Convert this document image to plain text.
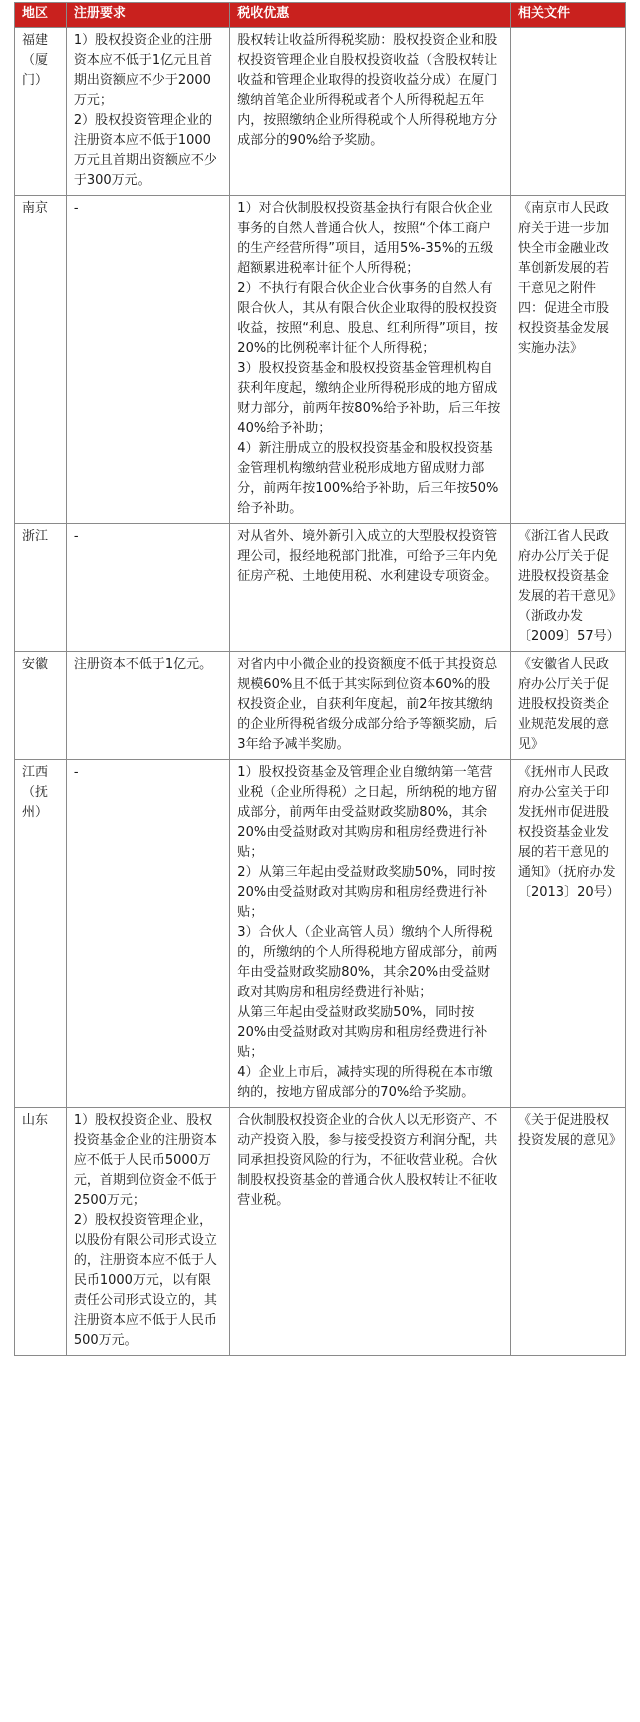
地区	注册要求	税收优惠	相关文件
福建（厦门）	1）股权投资企业的注册资本应不低于1亿元且首期出资额应不少于2000万元；

2）股权投资管理企业的注册资本应不低于1000万元且首期出资额应不少于300万元。	股权转让收益所得税奖励：股权投资企业和股权投资管理企业自股权投资收益（含股权转让收益和管理企业取得的投资收益分成）在厦门缴纳首笔企业所得税或者个人所得税起五年内，按照缴纳企业所得税或个人所得税地方分成部分的90%给予奖励。	

南京	-	1）对合伙制股权投资基金执行有限合伙企业事务的自然人普通合伙人，按照“个体工商户的生产经营所得”项目，适用5%-35%的五级超额累进税率计征个人所得税；

2）不执行有限合伙企业合伙事务的自然人有限合伙人，其从有限合伙企业取得的股权投资收益，按照“利息、股息、红利所得”项目，按20%的比例税率计征个人所得税；

3）股权投资基金和股权投资基金管理机构自获利年度起，缴纳企业所得税形成的地方留成财力部分，前两年按80%给予补助，后三年按40%给予补助；

4）新注册成立的股权投资基金和股权投资基金管理机构缴纳营业税形成地方留成财力部分，前两年按100%给予补助，后三年按50%给予补助。	《南京市人民政府关于进一步加快全市金融业改革创新发展的若干意见之附件四：促进全市股权投资基金发展实施办法》

浙江	-	对从省外、境外新引入成立的大型股权投资管理公司，报经地税部门批准，可给予三年内免征房产税、土地使用税、水利建设专项资金。	《浙江省人民政府办公厅关于促进股权投资基金发展的若干意见》（浙政办发〔2009〕57号）

安徽	注册资本不低于1亿元。	对省内中小微企业的投资额度不低于其投资总规模60%且不低于其实际到位资本60%的股权投资企业，自获利年度起，前2年按其缴纳的企业所得税省级分成部分给予等额奖励，后3年给予减半奖励。	《安徽省人民政府办公厅关于促进股权投资类企业规范发展的意见》

江西（抚州）	-	1）股权投资基金及管理企业自缴纳第一笔营业税（企业所得税）之日起，所纳税的地方留成部分，前两年由受益财政奖励80%，其余20%由受益财政对其购房和租房经费进行补贴；

2）从第三年起由受益财政奖励50%，同时按20%由受益财政对其购房和租房经费进行补贴；

3）合伙人（企业高管人员）缴纳个人所得税的，所缴纳的个人所得税地方留成部分，前两年由受益财政奖励80%，其余20%由受益财政对其购房和租房经费进行补贴；

从第三年起由受益财政奖励50%，同时按20%由受益财政对其购房和租房经费进行补贴；

4）企业上市后，减持实现的所得税在本市缴纳的，按地方留成部分的70%给予奖励。	《抚州市人民政府办公室关于印发抚州市促进股权投资基金业发展的若干意见的通知》（抚府办发〔2013〕20号）

山东	1）股权投资企业、股权投资基金企业的注册资本应不低于人民币5000万元，首期到位资金不低于2500万元；

2）股权投资管理企业，以股份有限公司形式设立的，注册资本应不低于人民币1000万元，以有限责任公司形式设立的，其注册资本应不低于人民币500万元。	合伙制股权投资企业的合伙人以无形资产、不动产投资入股，参与接受投资方利润分配，共同承担投资风险的行为，不征收营业税。合伙制股权投资基金的普通合伙人股权转让不征收营业税。	《关于促进股权投资发展的意见》
